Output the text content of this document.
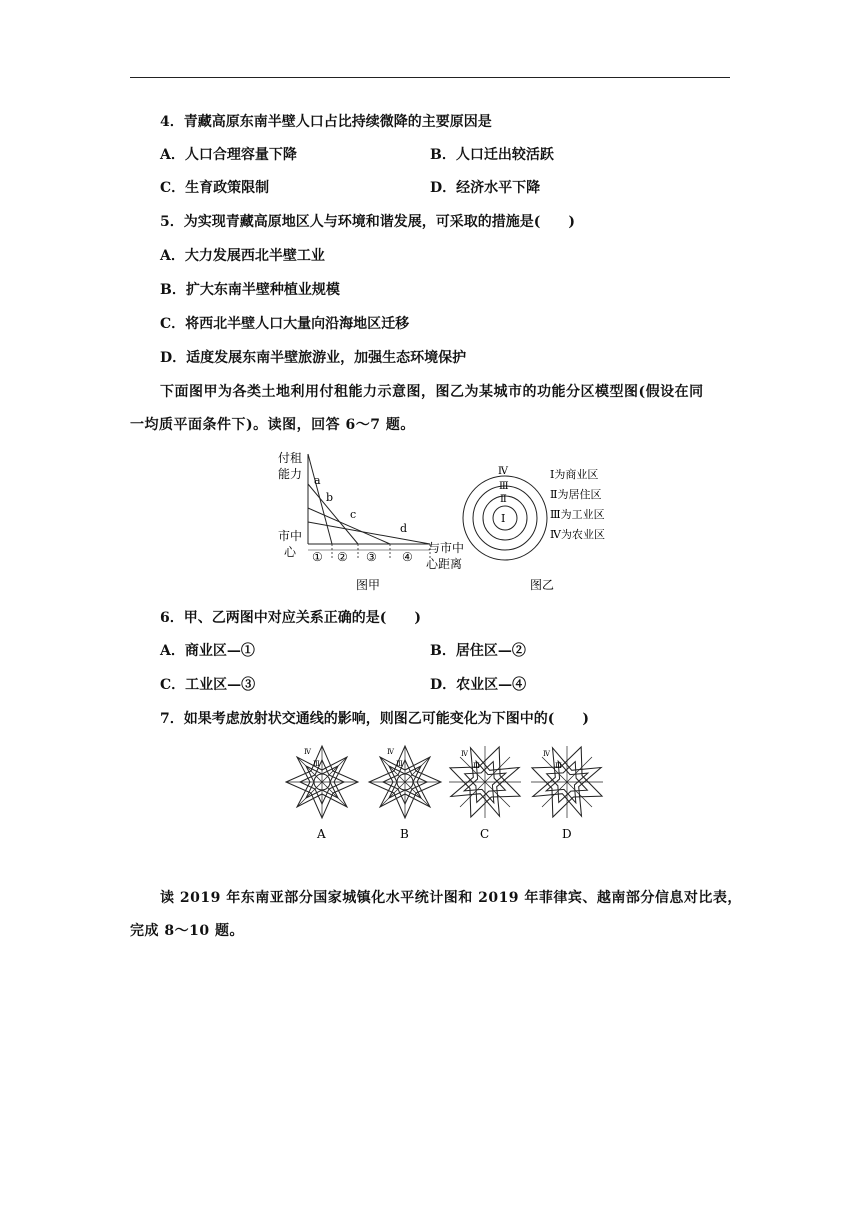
4．青藏高原东南半壁人口占比持续微降的主要原因是
A．人口合理容量下降	B．人口迁出较活跃
C．生育政策限制	D．经济水平下降
5．为实现青藏高原地区人与环境和谐发展，可采取的措施是(　　)
A．大力发展西北半壁工业
B．扩大东南半壁种植业规模
C．将西北半壁人口大量向沿海地区迁移
D．适度发展东南半壁旅游业，加强生态环境保护
下面图甲为各类土地利用付租能力示意图，图乙为某城市的功能分区模型图(假设在同
一均质平面条件下)。读图，回答 6～7 题。
付租
能力 a
b
c
d
① ② ③ ④
市中
心	与市中
心距离
图甲
Ⅰ
Ⅱ
Ⅲ
Ⅳ	Ⅰ为商业区
Ⅱ为居住区
Ⅲ为工业区
Ⅳ为农业区
图乙
6．甲、乙两图中对应关系正确的是(　　)
A．商业区—①	B．居住区—②
C．工业区—③	D．农业区—④
7．如果考虑放射状交通线的影响，则图乙可能变化为下图中的(　　)
Ⅳ
Ⅲ
Ⅳ
Ⅲ
Ⅳ
Ⅲ
Ⅳ
Ⅲ
A	B	C	D
读 2019 年东南亚部分国家城镇化水平统计图和 2019 年菲律宾、越南部分信息对比表，
完成 8～10 题。
